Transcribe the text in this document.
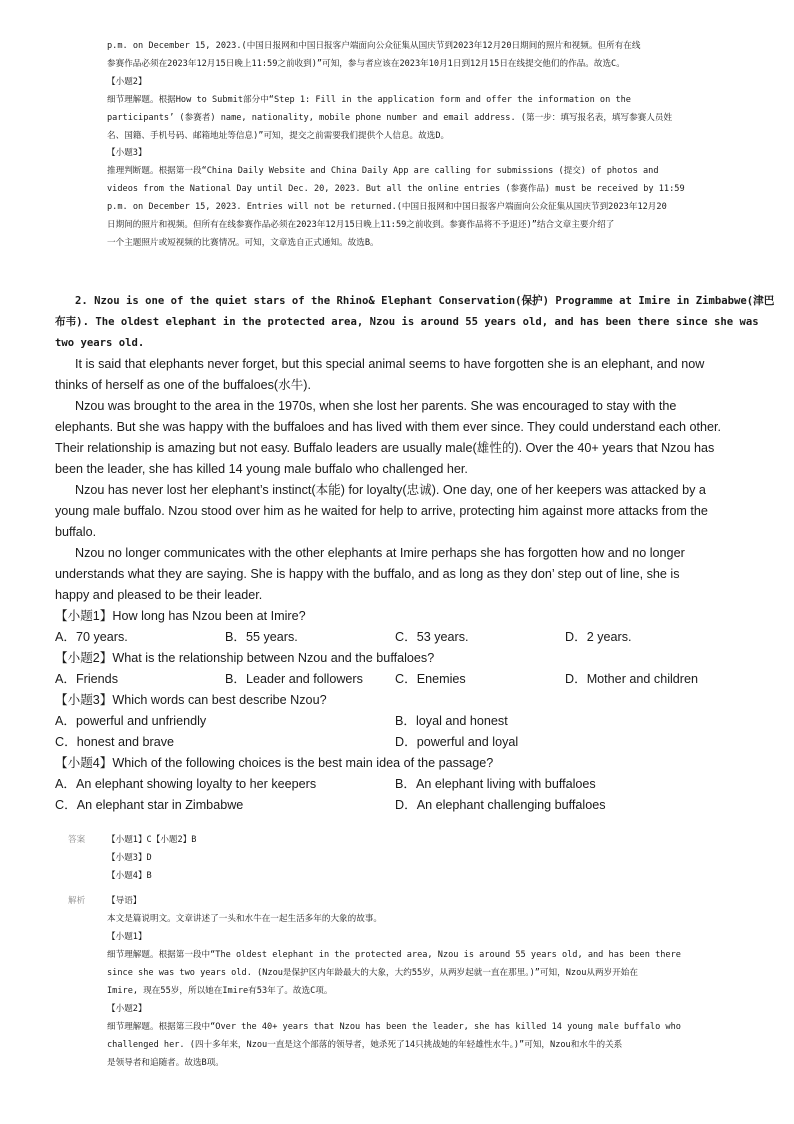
p.m. on December 15, 2023.(中国日报网和中国日报客户端面向公众征集从国庆节到2023年12月20日期间的照片和视频。但所有在线
参赛作品必须在2023年12月15日晚上11:59之前收到)”可知，参与者应该在2023年10月1日到12月15日在线提交他们的作品。故选C。
【小题2】
细节理解题。根据How to Submit部分中“Step 1: Fill in the application form and offer the information on the
participants’ (参赛者) name, nationality, mobile phone number and email address. (第一步：填写报名表，填写参赛人员姓
名、国籍、手机号码、邮箱地址等信息)”可知，提交之前需要我们提供个人信息。故选D。
【小题3】
推理判断题。根据第一段“China Daily Website and China Daily App are calling for submissions (提交) of photos and
videos from the National Day until Dec. 20, 2023. But all the online entries (参赛作品) must be received by 11:59
p.m. on December 15, 2023. Entries will not be returned.(中国日报网和中国日报客户端面向公众征集从国庆节到2023年12月20
日期间的照片和视频。但所有在线参赛作品必须在2023年12月15日晚上11:59之前收到。参赛作品将不予退还)”结合文章主要介绍了
一个主题照片或短视频的比赛情况。可知，文章选自正式通知。故选B。
2. Nzou is one of the quiet stars of the Rhino& Elephant Conservation(保护) Programme at Imire in Zimbabwe(津巴
布韦). The oldest elephant in the protected area, Nzou is around 55 years old, and has been there since she was
two years old.
It is said that elephants never forget, but this special animal seems to have forgotten she is an elephant, and now
thinks of herself as one of the buffaloes(水牛).
Nzou was brought to the area in the 1970s, when she lost her parents. She was encouraged to stay with the
elephants. But she was happy with the buffaloes and has lived with them ever since. They could understand each other.
Their relationship is amazing but not easy. Buffalo leaders are usually male(雄性的). Over the 40+ years that Nzou has
been the leader, she has killed 14 young male buffalo who challenged her.
Nzou has never lost her elephant’s instinct(本能) for loyalty(忠诚). One day, one of her keepers was attacked by a
young male buffalo. Nzou stood over him as he waited for help to arrive, protecting him against more attacks from the
buffalo.
Nzou no longer communicates with the other elephants at Imire perhaps she has forgotten how and no longer
understands what they are saying. She is happy with the buffalo, and as long as they don’ step out of line, she is
happy and pleased to be their leader.
【小题1】How long has Nzou been at Imire?
A．70 years.	B．55 years.	C．53 years.	D．2 years.
【小题2】What is the relationship between Nzou and the buffaloes?
A．Friends	B．Leader and followers	C．Enemies	D．Mother and children
【小题3】Which words can best describe Nzou?
A．powerful and unfriendly	B．loyal and honest
C．honest and brave	D．powerful and loyal
【小题4】Which of the following choices is the best main idea of the passage?
A．An elephant showing loyalty to her keepers	B．An elephant living with buffaloes
C．An elephant star in Zimbabwe	D．An elephant challenging buffaloes
答案	【小题1】C【小题2】B
【小题3】D
【小题4】B
解析	【导语】
本文是篇说明文。文章讲述了一头和水牛在一起生活多年的大象的故事。
【小题1】
细节理解题。根据第一段中“The oldest elephant in the protected area, Nzou is around 55 years old, and has been there
since she was two years old. (Nzou是保护区内年龄最大的大象，大约55岁，从两岁起就一直在那里。)”可知，Nzou从两岁开始在
Imire, 现在55岁，所以她在Imire有53年了。故选C项。
【小题2】
细节理解题。根据第三段中“Over the 40+ years that Nzou has been the leader, she has killed 14 young male buffalo who
challenged her. (四十多年来，Nzou一直是这个部落的领导者，她杀死了14只挑战她的年轻雄性水牛。)”可知，Nzou和水牛的关系
是领导者和追随者。故选B项。
